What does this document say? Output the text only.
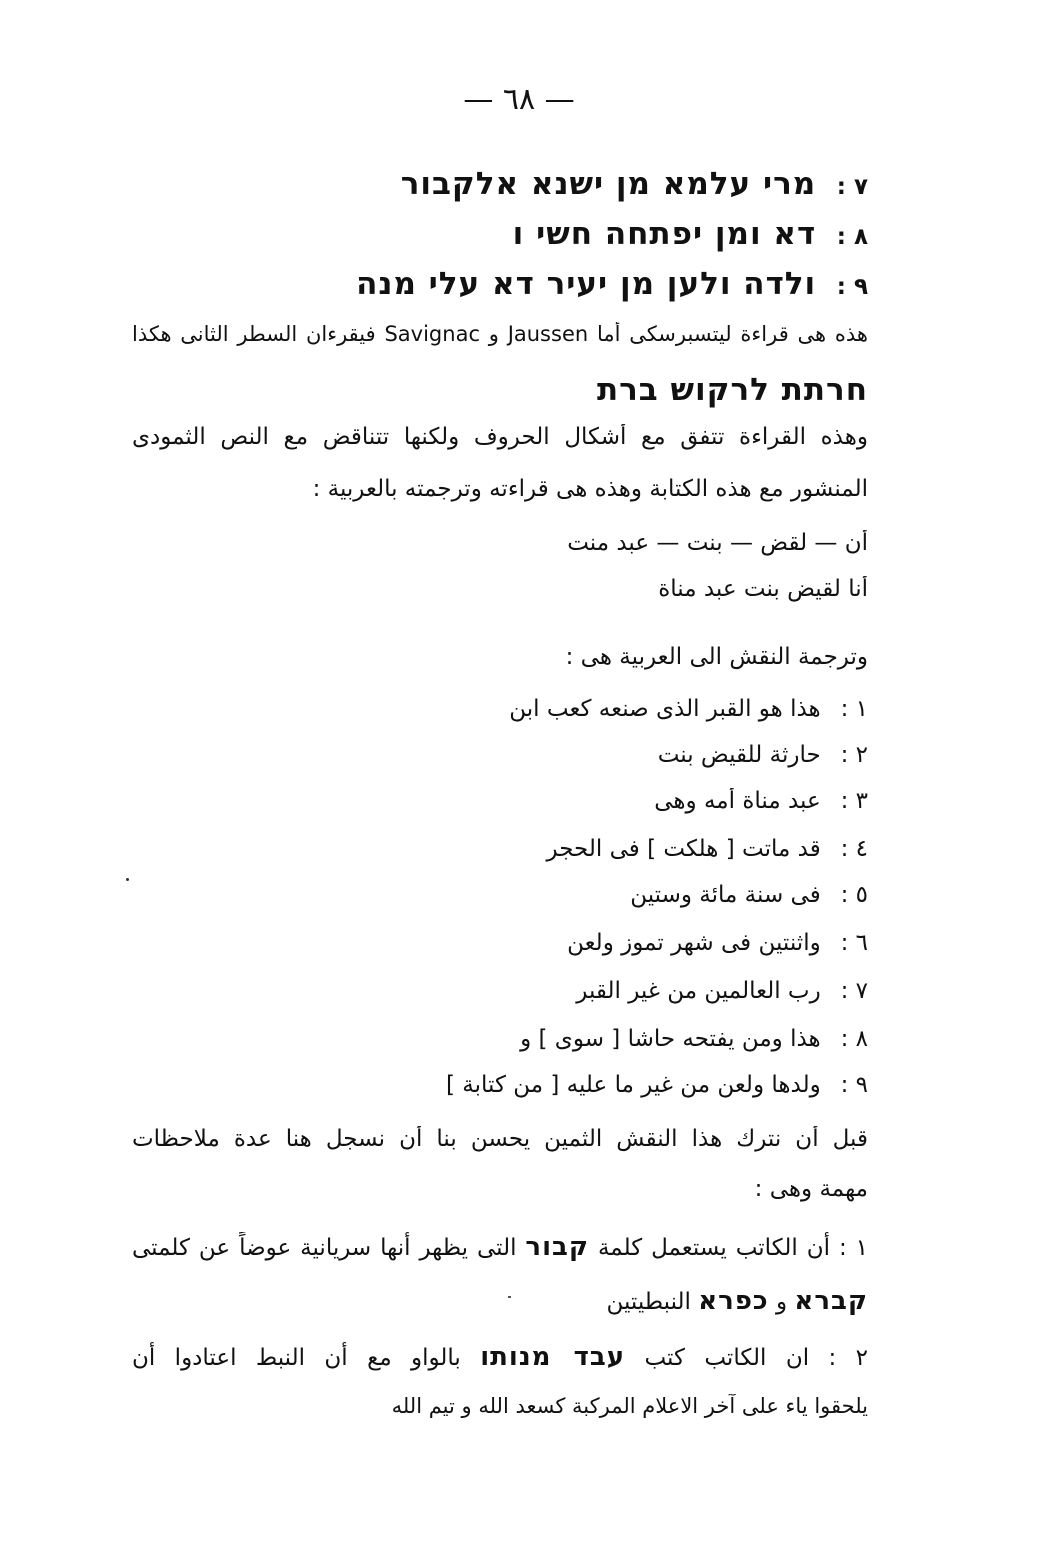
— ٦٨ —
٧ : מרי עלמא מן ישנא אלקבור
٨ : דא ומן יפתחה חשי ו
٩ : ולדה ולען מן יעיר דא עלי מנה
هذه هى قراءة ليتسبرسكى أما Jaussen و Savignac فيقرءان السطر الثانى هكذا
חרתת לרקוש ברת
وهذه القراءة تتفق مع أشكال الحروف ولكنها تتناقض مع النص الثمودى
المنشور مع هذه الكتابة وهذه هى قراءته وترجمته بالعربية :
أن — لقض — بنت — عبد منت
أنا لقيض بنت عبد مناة
وترجمة النقش الى العربية هى :
١ : هذا هو القبر الذى صنعه كعب ابن
٢ : حارثة للقيض بنت
٣ : عبد مناة أمه وهى
٤ : قد ماتت [ هلكت ] فى الحجر
٥ : فى سنة مائة وستين
٦ : واثنتين فى شهر تموز ولعن
٧ : رب العالمين من غير القبر
٨ : هذا ومن يفتحه حاشا [ سوى ] و
٩ : ولدها ولعن من غير ما عليه [ من كتابة ]
قبل أن نترك هذا النقش الثمين يحسن بنا أن نسجل هنا عدة ملاحظات
مهمة وهى :
١ : أن الكاتب يستعمل كلمة קבור التى يظهر أنها سريانية عوضاً عن كلمتى
קברא و כפרא النبطيتين
٢ : ان الكاتب كتب עבד מנותו بالواو مع أن النبط اعتادوا أن
يلحقوا ياء على آخر الاعلام المركبة كسعد الله و تيم الله
